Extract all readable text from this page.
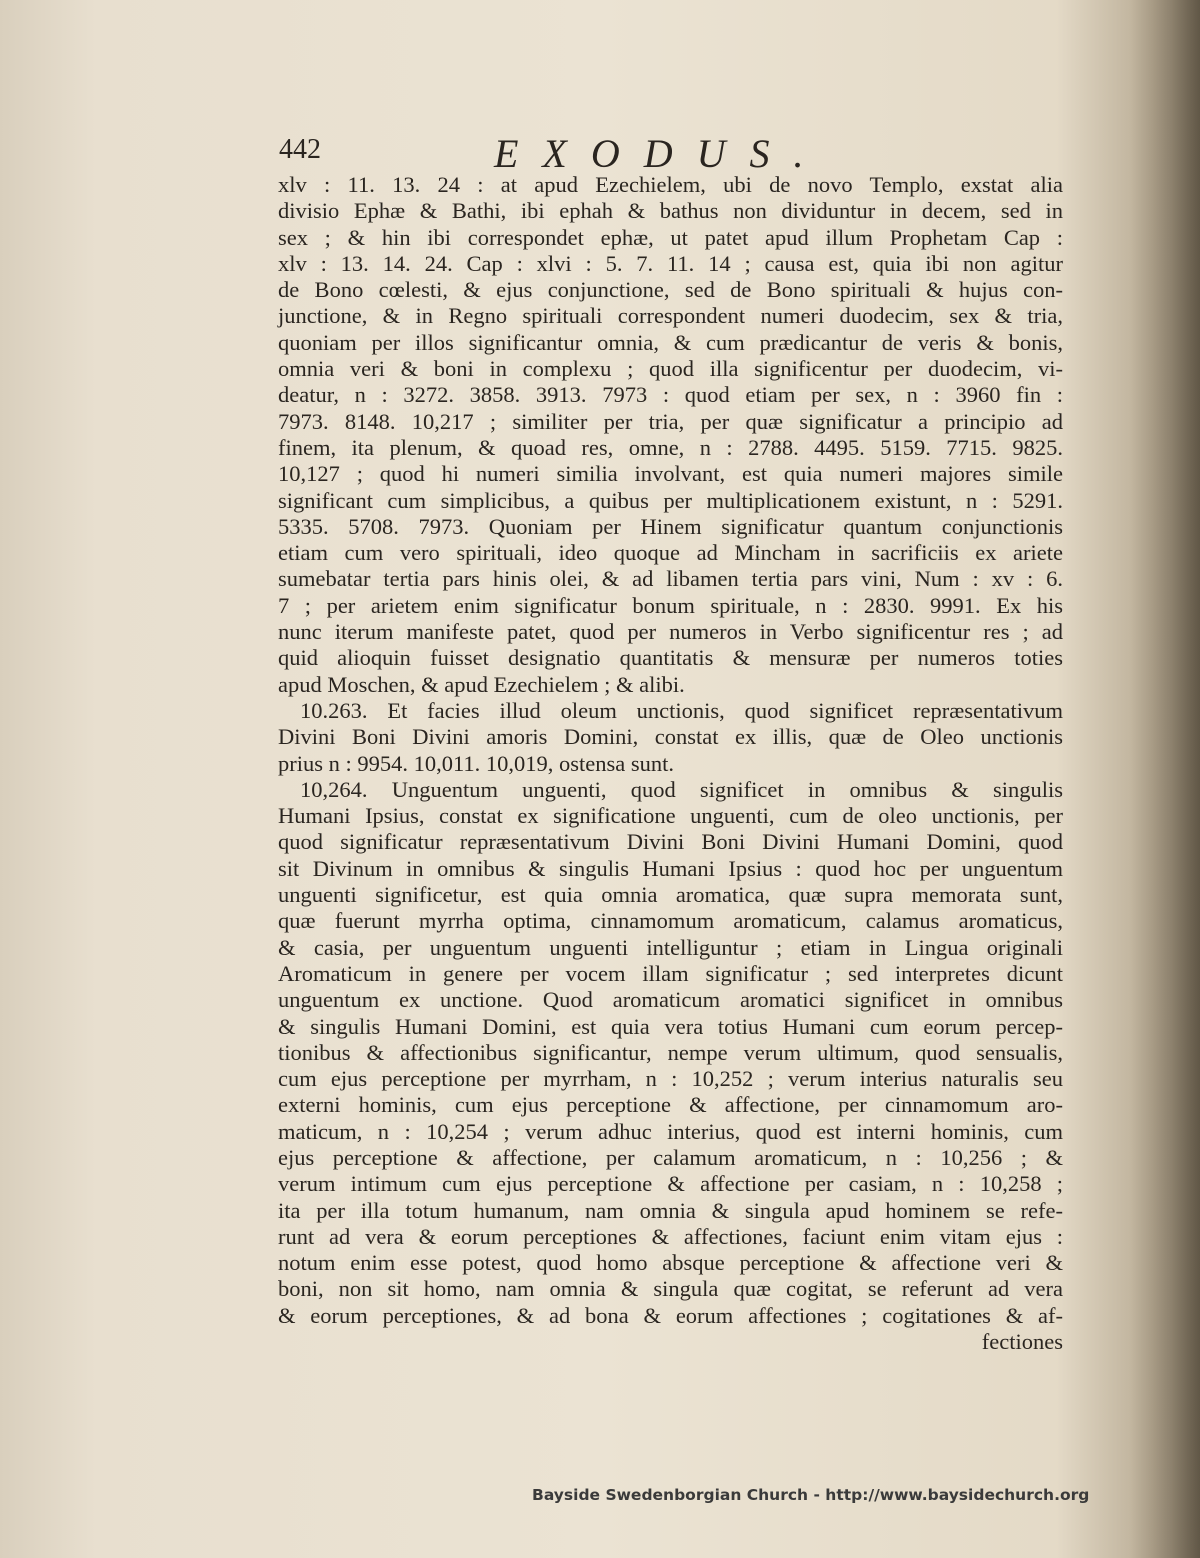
442	EXODUS.
xlv : 11. 13. 24 : at apud Ezechielem, ubi de novo Templo, exstat alia
divisio Ephæ & Bathi, ibi ephah & bathus non dividuntur in decem, sed in
sex ; & hin ibi correspondet ephæ, ut patet apud illum Prophetam Cap :
xlv : 13. 14. 24. Cap : xlvi : 5. 7. 11. 14 ; causa est, quia ibi non agitur
de Bono cœlesti, & ejus conjunctione, sed de Bono spirituali & hujus con-
junctione, & in Regno spirituali correspondent numeri duodecim, sex & tria,
quoniam per illos significantur omnia, & cum prædicantur de veris & bonis,
omnia veri & boni in complexu ; quod illa significentur per duodecim, vi-
deatur, n : 3272. 3858. 3913. 7973 : quod etiam per sex, n : 3960 fin :
7973. 8148. 10,217 ; similiter per tria, per quæ significatur a principio ad
finem, ita plenum, & quoad res, omne, n : 2788. 4495. 5159. 7715. 9825.
10,127 ; quod hi numeri similia involvant, est quia numeri majores simile
significant cum simplicibus, a quibus per multiplicationem existunt, n : 5291.
5335. 5708. 7973. Quoniam per Hinem significatur quantum conjunctionis
etiam cum vero spirituali, ideo quoque ad Mincham in sacrificiis ex ariete
sumebatar tertia pars hinis olei, & ad libamen tertia pars vini, Num : xv : 6.
7 ; per arietem enim significatur bonum spirituale, n : 2830. 9991. Ex his
nunc iterum manifeste patet, quod per numeros in Verbo significentur res ; ad
quid alioquin fuisset designatio quantitatis & mensuræ per numeros toties
apud Moschen, & apud Ezechielem ; & alibi.
10.263. Et facies illud oleum unctionis, quod significet repræsentativum
Divini Boni Divini amoris Domini, constat ex illis, quæ de Oleo unctionis
prius n : 9954. 10,011. 10,019, ostensa sunt.
10,264. Unguentum unguenti, quod significet in omnibus & singulis
Humani Ipsius, constat ex significatione unguenti, cum de oleo unctionis, per
quod significatur repræsentativum Divini Boni Divini Humani Domini, quod
sit Divinum in omnibus & singulis Humani Ipsius : quod hoc per unguentum
unguenti significetur, est quia omnia aromatica, quæ supra memorata sunt,
quæ fuerunt myrrha optima, cinnamomum aromaticum, calamus aromaticus,
& casia, per unguentum unguenti intelliguntur ; etiam in Lingua originali
Aromaticum in genere per vocem illam significatur ; sed interpretes dicunt
unguentum ex unctione. Quod aromaticum aromatici significet in omnibus
& singulis Humani Domini, est quia vera totius Humani cum eorum percep-
tionibus & affectionibus significantur, nempe verum ultimum, quod sensualis,
cum ejus perceptione per myrrham, n : 10,252 ; verum interius naturalis seu
externi hominis, cum ejus perceptione & affectione, per cinnamomum aro-
maticum, n : 10,254 ; verum adhuc interius, quod est interni hominis, cum
ejus perceptione & affectione, per calamum aromaticum, n : 10,256 ; &
verum intimum cum ejus perceptione & affectione per casiam, n : 10,258 ;
ita per illa totum humanum, nam omnia & singula apud hominem se refe-
runt ad vera & eorum perceptiones & affectiones, faciunt enim vitam ejus :
notum enim esse potest, quod homo absque perceptione & affectione veri &
boni, non sit homo, nam omnia & singula quæ cogitat, se referunt ad vera
& eorum perceptiones, & ad bona & eorum affectiones ; cogitationes & af-
fectiones
Bayside Swedenborgian Church - http://www.baysidechurch.org
